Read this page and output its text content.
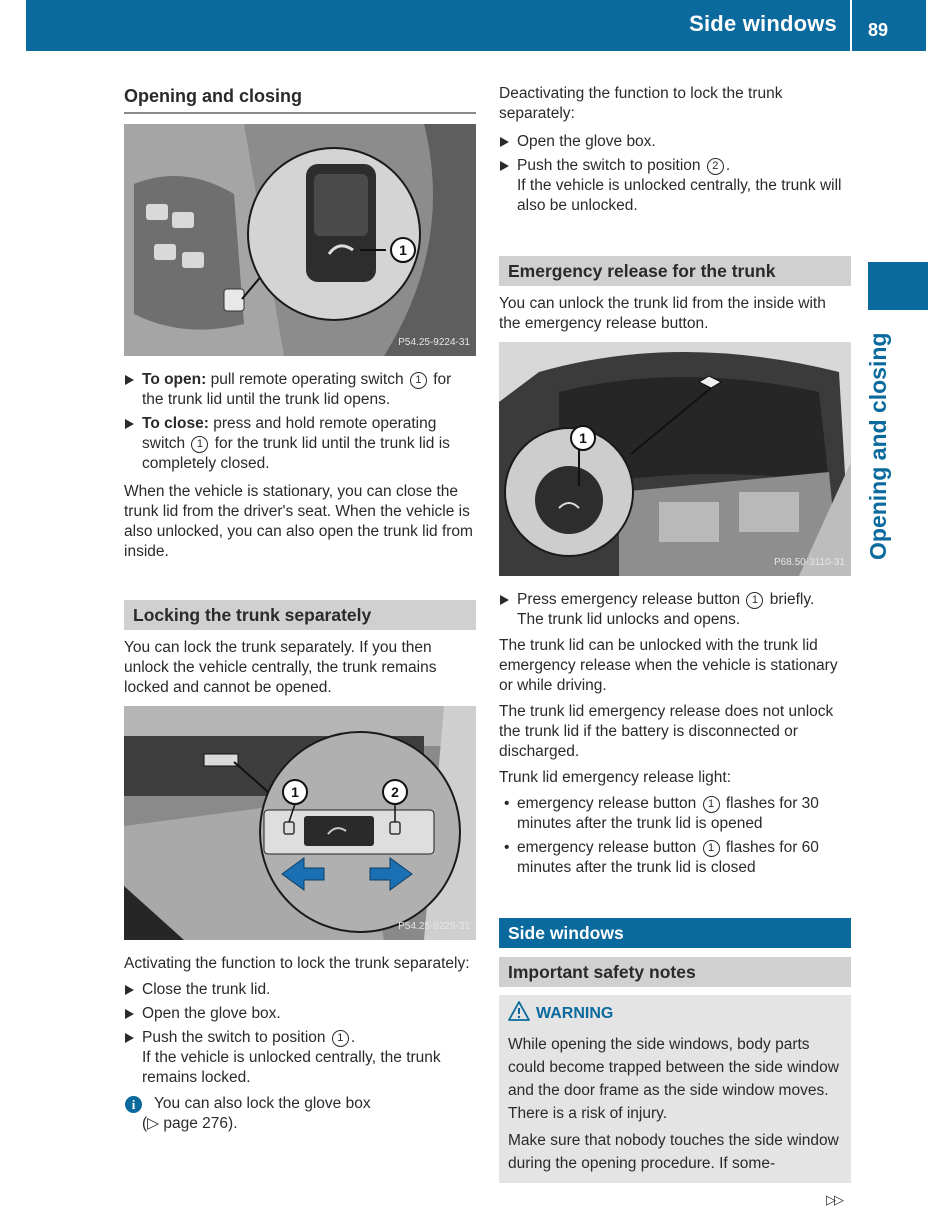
Side windows 89
Opening and closing
Opening and closing
1
P54.25-9224-31
To open: pull remote operating switch 1 for the trunk lid until the trunk lid opens.
To close: press and hold remote operating switch 1 for the trunk lid until the trunk lid is completely closed.

When the vehicle is stationary, you can close the trunk lid from the driver's seat. When the vehicle is also unlocked, you can also open the trunk lid from inside.

Locking the trunk separately

You can lock the trunk separately. If you then unlock the vehicle centrally, the trunk remains locked and cannot be opened.

1	2
P54.25-9225-31

Activating the function to lock the trunk separately:

Close the trunk lid.
Open the glove box.
Push the switch to position 1 .
If the vehicle is unlocked centrally, the trunk remains locked.
i	You can also lock the glove box
(▷ page 276).

Deactivating the function to lock the trunk separately:

Open the glove box.
Push the switch to position 2 .
If the vehicle is unlocked centrally, the trunk will also be unlocked.
Emergency release for the trunk

You can unlock the trunk lid from the inside with the emergency release button.

1
P68.50-3110-31
Press emergency release button 1 briefly.
The trunk lid unlocks and opens.

The trunk lid can be unlocked with the trunk lid emergency release when the vehicle is stationary or while driving.

The trunk lid emergency release does not unlock the trunk lid if the battery is disconnected or discharged.

Trunk lid emergency release light:

• emergency release button 1 flashes for 30 minutes after the trunk lid is opened
• emergency release button 1 flashes for 60 minutes after the trunk lid is closed
Side windows
Important safety notes
WARNING

While opening the side windows, body parts could become trapped between the side window and the door frame as the side window moves. There is a risk of injury.

Make sure that nobody touches the side window during the opening procedure. If some-

▷▷
